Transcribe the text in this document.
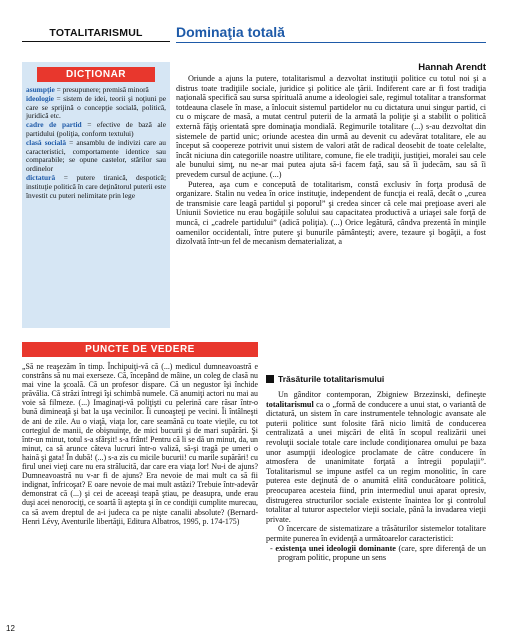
TOTALITARISMUL	Dominaţia totală
DICŢIONAR
asumpţie = presupunere; premisă minoră
ideologie = sistem de idei, teorii şi noţiuni pe care se sprijină o concepţie socială, politică, juridică etc.
cadre de partid = efective de bază ale partidului (poliţia, conform textului)
clasă socială = ansamblu de indivizi care au caracteristici, comportamente identice sau comparabile; se opune castelor, stărilor sau ordinelor
dictatură = putere tiranică, despotică; instituţie politică în care deţinătorul puterii este învestit cu puteri nelimitate prin lege
Hannah Arendt

Oriunde a ajuns la putere, totalitarismul a dezvoltat instituţii politice cu totul noi şi a distrus toate tradiţiile sociale, juridice şi politice ale ţării. Indiferent care ar fi fost tradiţia naţională specifică sau sursa spirituală anume a ideologiei sale, regimul totalitar a transformat totdeauna clasele în mase, a înlocuit sistemul partidelor nu cu dictatura unui singur partid, ci cu o mişcare de masă, a mutat centrul puterii de la armată la poliţie şi a stabilit o politică externă făţiş orientată spre dominaţia mondială. Regimurile totalitare (...) s-au dezvoltat din sistemele de partid unic; oriunde acestea din urmă au devenit cu adevărat totalitare, ele au început să coopereze potrivit unui sistem de valori atât de radical deosebit de toate celelalte, încât niciuna din categoriile noastre utilitare, comune, fie ele tradiţii, justiţiei, moralei sau cele ale bunului simţ, nu ne-ar mai putea ajuta să-i facem faţă, sau să îi judecăm, sau să îi prevedem cursul de acţiune. (...)

Puterea, aşa cum e concepută de totalitarism, constă exclusiv în forţa produsă de organizare. Stalin nu vedea în orice instituţie, independent de funcţia ei reală, decât o „curea de transmisie care leagă partidul şi poporul” şi credea sincer că cele mai preţioase averi ale Uniunii Sovietice nu erau bogăţiile solului sau capacitatea productivă a uriaşei sale forţă de muncă, ci „cadrele partidului” (adică poliţia). (...) Orice legătură, cândva prezentă în minţile oamenilor occidentali, între putere şi bunurile pământeşti; avere, tezaure şi bogăţii, a fost dizolvată într-un fel de mecanism dematerializat, a

PUNCTE DE VEDERE
„Să ne reaşezăm în timp. Închipuiţi-vă că (...) medicul dumneavoastră e constrâns să nu mai exerseze. Că, începând de mâine, un coleg de clasă nu mai vine la şcoală. Că un profesor dispare. Că un negustor îşi închide prăvălia. Că străzi întregi îşi schimbă numele. Că anumiţi actori nu mai au voie să filmeze. (...) Imaginaţi-vă poliţişti cu pelerină care răsar într-o bună dimineaţă şi bat la uşa vecinilor. Îi cunoaşteţi pe vecini. Îi întâlneşti de ani de zile. Au o viaţă, viaţa lor, care seamănă cu toate vieţile, cu tot cortegiul de manii, de obişnuinţe, de mici bucurii şi de mari supărări. Şi într-un minut, totul s-a sfârşit! s-a frânt! Pentru că li se dă un minut, da, un minut, ca să arunce câteva lucruri într-o valiză, să-şi tragă pe umeri o haină şi gata! În dubă! (...) s-a zis cu micile bucurii! cu marile supărări! cu firul unei vieţi care nu era strălucită, dar care era viaţa lor! Nu-i de ajuns? Dumneavoastră nu v-ar fi de ajuns? Era nevoie de mai mult ca să fii indignat, înfricoşat? E oare nevoie de mai mult astăzi? Trebuie într-adevăr demonstrat că (...) şi cei de aceeaşi teapă ştiau, pe deasupra, unde erau duşi acei nenorociţi, ce soartă îi aştepta şi în ce condiţii cumplite murecau, ca să avem dreptul de a-i judeca ca pe nişte canalii absolute? (Bernard-Henri Lévy, Aventurile libertăţii, Editura Albatros, 1995, p. 174-175)
Trăsăturile totalitarismului

Un gânditor contemporan, Zbigniew Brzezinski, defineşte totalitarismul ca o „formă de conducere a unui stat, o variantă de dictatură, un sistem în care instrumentele tehnologic avansate ale puterii politice sunt folosite fără nicio limită de conducerea centralizată a unei mişcări de elită în scopul realizării unei revoluţii sociale totale care include condiţionarea omului pe baza unor asumpţii ideologice proclamate de către conducere în atmosfera de unanimitate forţată a întregii populaţii”. Totalitarismul se impune astfel ca un regim monolitic, în care puterea este deţinută de o anumită elită conducătoare politică, preocuparea acesteia fiind, prin intermediul unui aparat opresiv, distrugerea structurilor sociale existente înaintea lor şi controlul totalitar al tuturor aspectelor vieţii sociale, până la invadarea vieţii private.

O încercare de sistematizare a trăsăturilor sistemelor totalitare permite punerea în evidenţă a următoarelor caracteristici:

- existenţa unei ideologii dominante (care, spre diferenţă de un program politic, propune un sens

12
